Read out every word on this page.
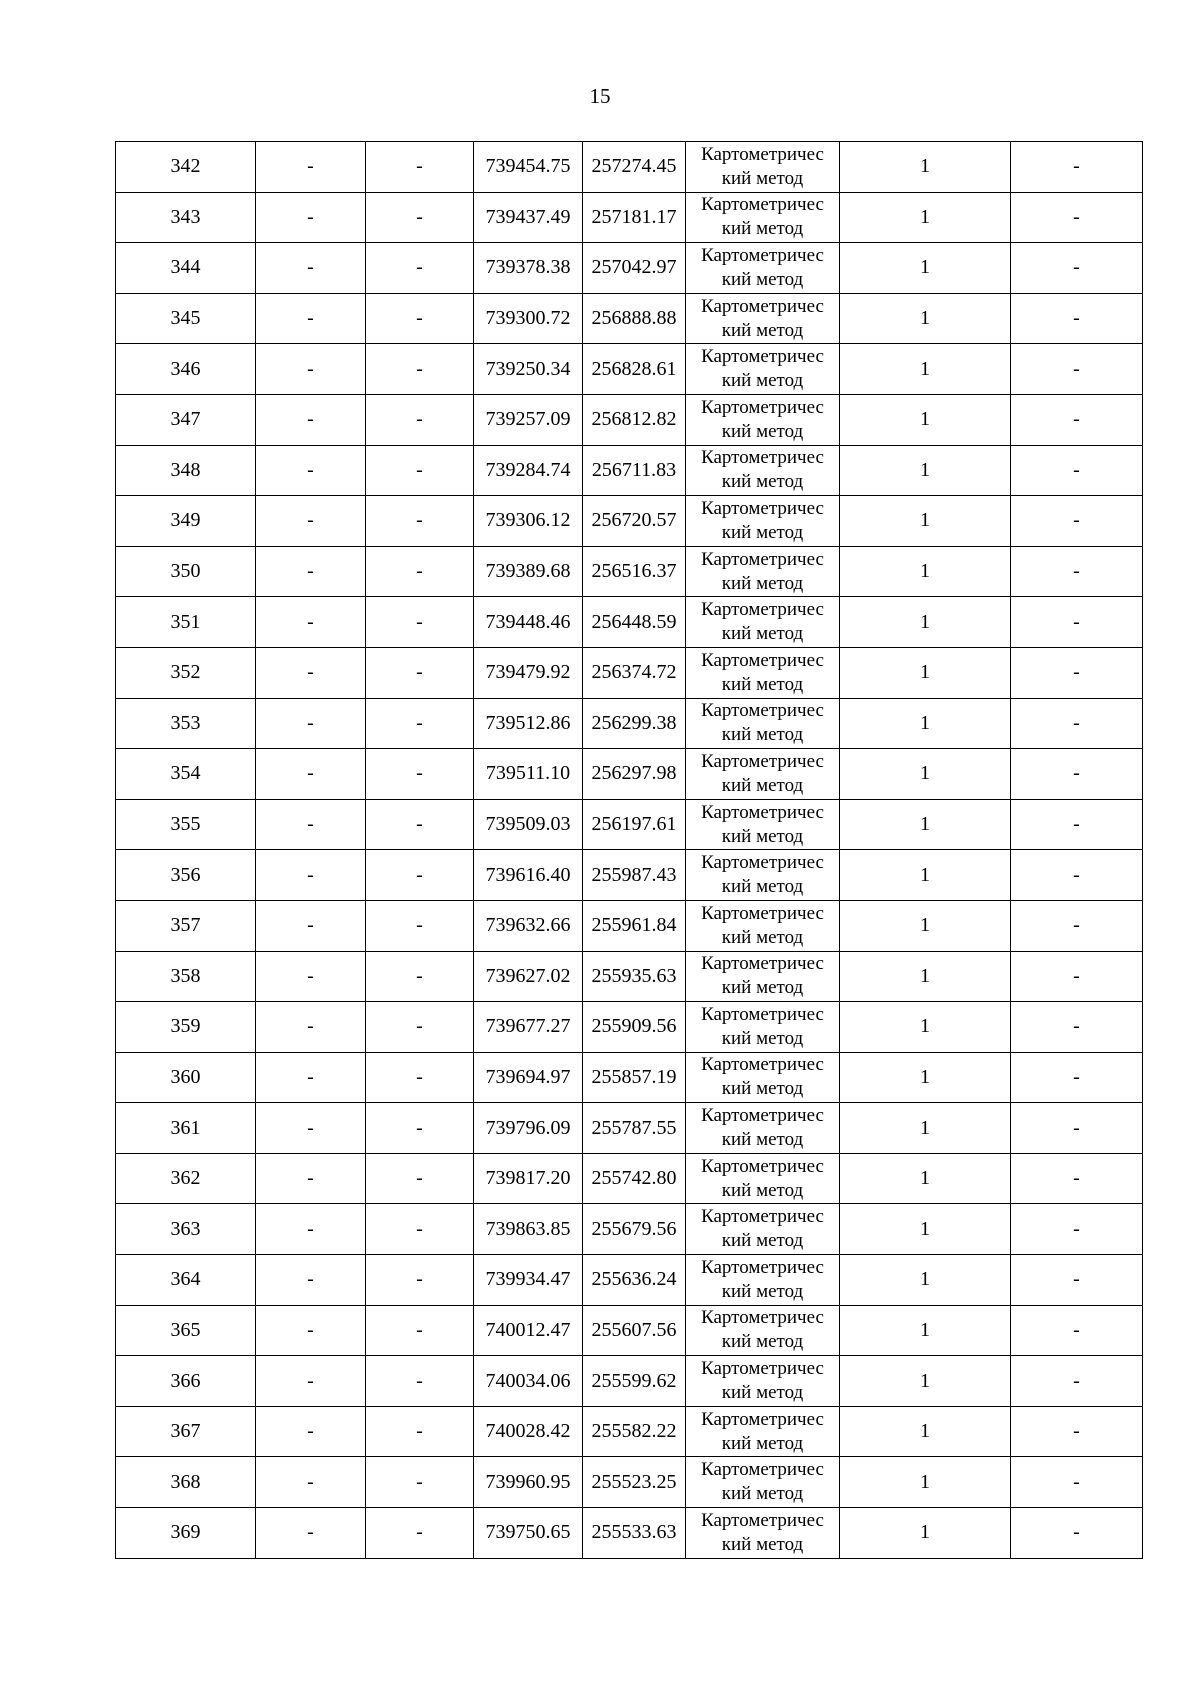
15
342	-	-	739454.75	257274.45	Картометричес
кий метод	1	-
343	-	-	739437.49	257181.17	Картометричес
кий метод	1	-
344	-	-	739378.38	257042.97	Картометричес
кий метод	1	-
345	-	-	739300.72	256888.88	Картометричес
кий метод	1	-
346	-	-	739250.34	256828.61	Картометричес
кий метод	1	-
347	-	-	739257.09	256812.82	Картометричес
кий метод	1	-
348	-	-	739284.74	256711.83	Картометричес
кий метод	1	-
349	-	-	739306.12	256720.57	Картометричес
кий метод	1	-
350	-	-	739389.68	256516.37	Картометричес
кий метод	1	-
351	-	-	739448.46	256448.59	Картометричес
кий метод	1	-
352	-	-	739479.92	256374.72	Картометричес
кий метод	1	-
353	-	-	739512.86	256299.38	Картометричес
кий метод	1	-
354	-	-	739511.10	256297.98	Картометричес
кий метод	1	-
355	-	-	739509.03	256197.61	Картометричес
кий метод	1	-
356	-	-	739616.40	255987.43	Картометричес
кий метод	1	-
357	-	-	739632.66	255961.84	Картометричес
кий метод	1	-
358	-	-	739627.02	255935.63	Картометричес
кий метод	1	-
359	-	-	739677.27	255909.56	Картометричес
кий метод	1	-
360	-	-	739694.97	255857.19	Картометричес
кий метод	1	-
361	-	-	739796.09	255787.55	Картометричес
кий метод	1	-
362	-	-	739817.20	255742.80	Картометричес
кий метод	1	-
363	-	-	739863.85	255679.56	Картометричес
кий метод	1	-
364	-	-	739934.47	255636.24	Картометричес
кий метод	1	-
365	-	-	740012.47	255607.56	Картометричес
кий метод	1	-
366	-	-	740034.06	255599.62	Картометричес
кий метод	1	-
367	-	-	740028.42	255582.22	Картометричес
кий метод	1	-
368	-	-	739960.95	255523.25	Картометричес
кий метод	1	-
369	-	-	739750.65	255533.63	Картометричес
кий метод	1	-
